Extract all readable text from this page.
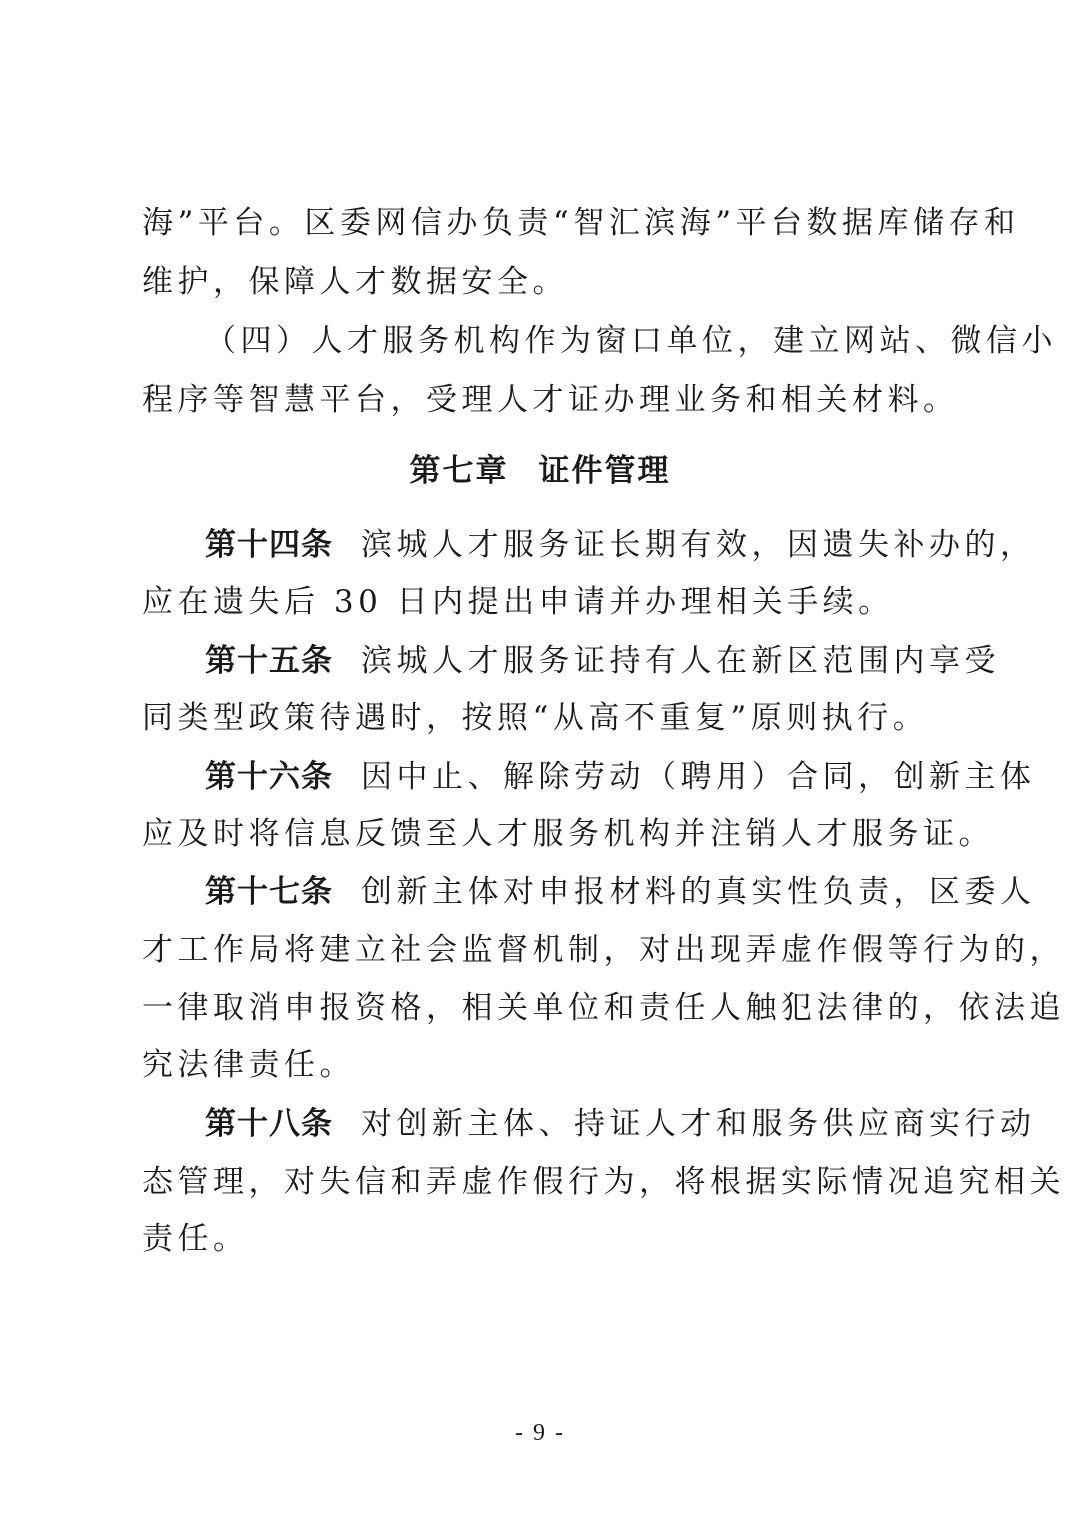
海”平台。区委网信办负责“智汇滨海”平台数据库储存和
维护，保障人才数据安全。
（四）人才服务机构作为窗口单位，建立网站、微信小
程序等智慧平台，受理人才证办理业务和相关材料。
第七章 证件管理
第十四条 滨城人才服务证长期有效，因遗失补办的，
应在遗失后 30 日内提出申请并办理相关手续。
第十五条 滨城人才服务证持有人在新区范围内享受
同类型政策待遇时，按照“从高不重复”原则执行。
第十六条 因中止、解除劳动（聘用）合同，创新主体
应及时将信息反馈至人才服务机构并注销人才服务证。
第十七条 创新主体对申报材料的真实性负责，区委人
才工作局将建立社会监督机制，对出现弄虚作假等行为的，
一律取消申报资格，相关单位和责任人触犯法律的，依法追
究法律责任。
第十八条 对创新主体、持证人才和服务供应商实行动
态管理，对失信和弄虚作假行为，将根据实际情况追究相关
责任。
- 9 -
